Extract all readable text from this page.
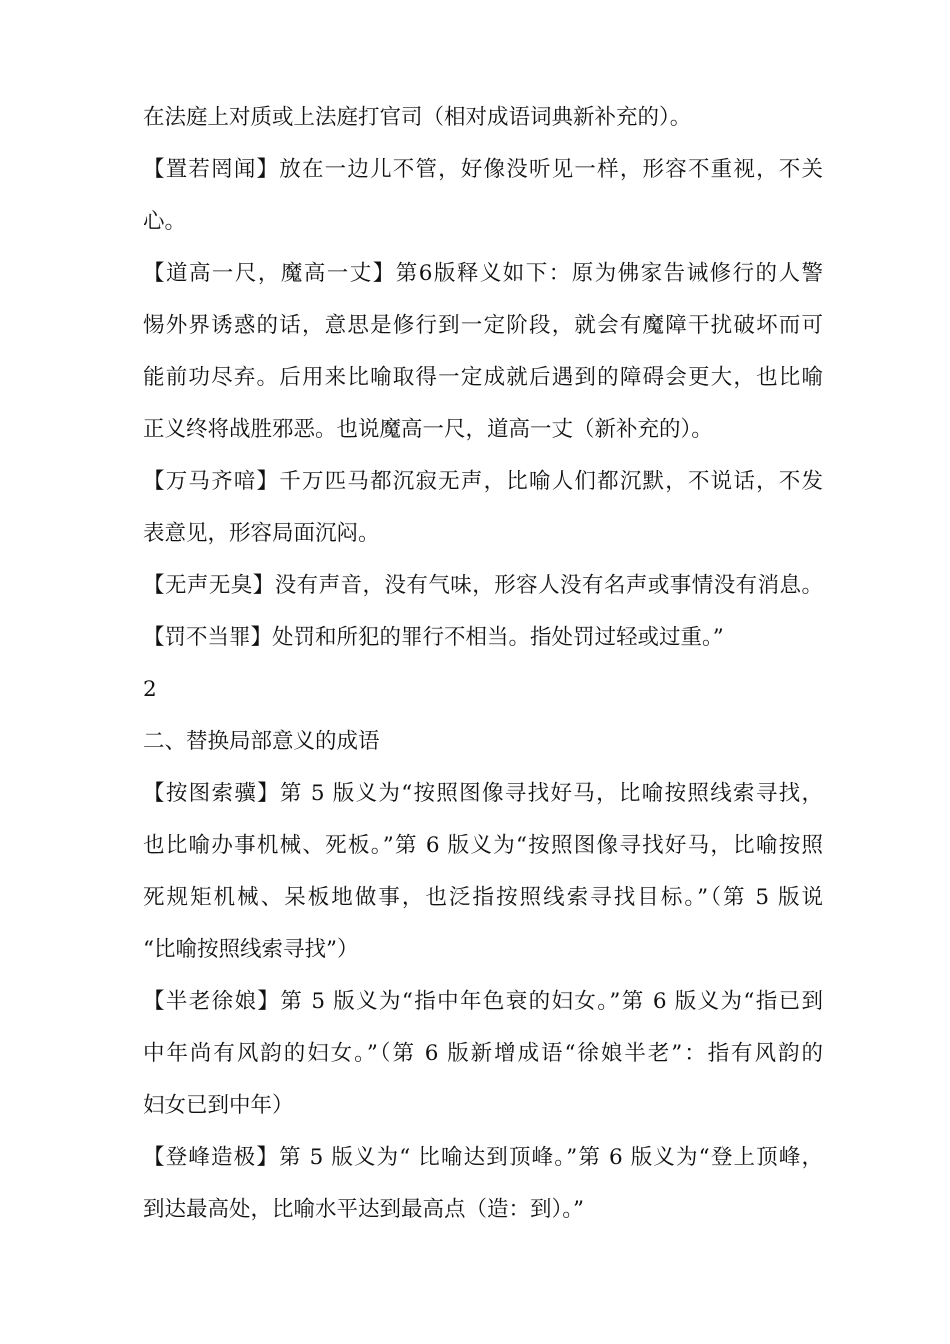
在法庭上对质或上法庭打官司（相对成语词典新补充的）。
【置若罔闻】放在一边儿不管，好像没听见一样，形容不重视，不关
心。
【道高一尺，魔高一丈】第6版释义如下：原为佛家告诫修行的人警
惕外界诱惑的话，意思是修行到一定阶段，就会有魔障干扰破坏而可
能前功尽弃。后用来比喻取得一定成就后遇到的障碍会更大，也比喻
正义终将战胜邪恶。也说魔高一尺，道高一丈（新补充的）。
【万马齐喑】千万匹马都沉寂无声，比喻人们都沉默，不说话，不发
表意见，形容局面沉闷。
【无声无臭】没有声音，没有气味，形容人没有名声或事情没有消息。
【罚不当罪】处罚和所犯的罪行不相当。指处罚过轻或过重。”
2
二、替换局部意义的成语
【按图索骥】第 5 版义为“按照图像寻找好马，比喻按照线索寻找，
也比喻办事机械、死板。”第 6 版义为“按照图像寻找好马，比喻按照
死规矩机械、呆板地做事，也泛指按照线索寻找目标。”（第 5 版说
“比喻按照线索寻找”）
【半老徐娘】第 5 版义为“指中年色衰的妇女。”第 6 版义为“指已到
中年尚有风韵的妇女。”（第 6 版新增成语“徐娘半老”：指有风韵的
妇女已到中年）
【登峰造极】第 5 版义为“ 比喻达到顶峰。”第 6 版义为“登上顶峰，
到达最高处，比喻水平达到最高点（造：到）。”
